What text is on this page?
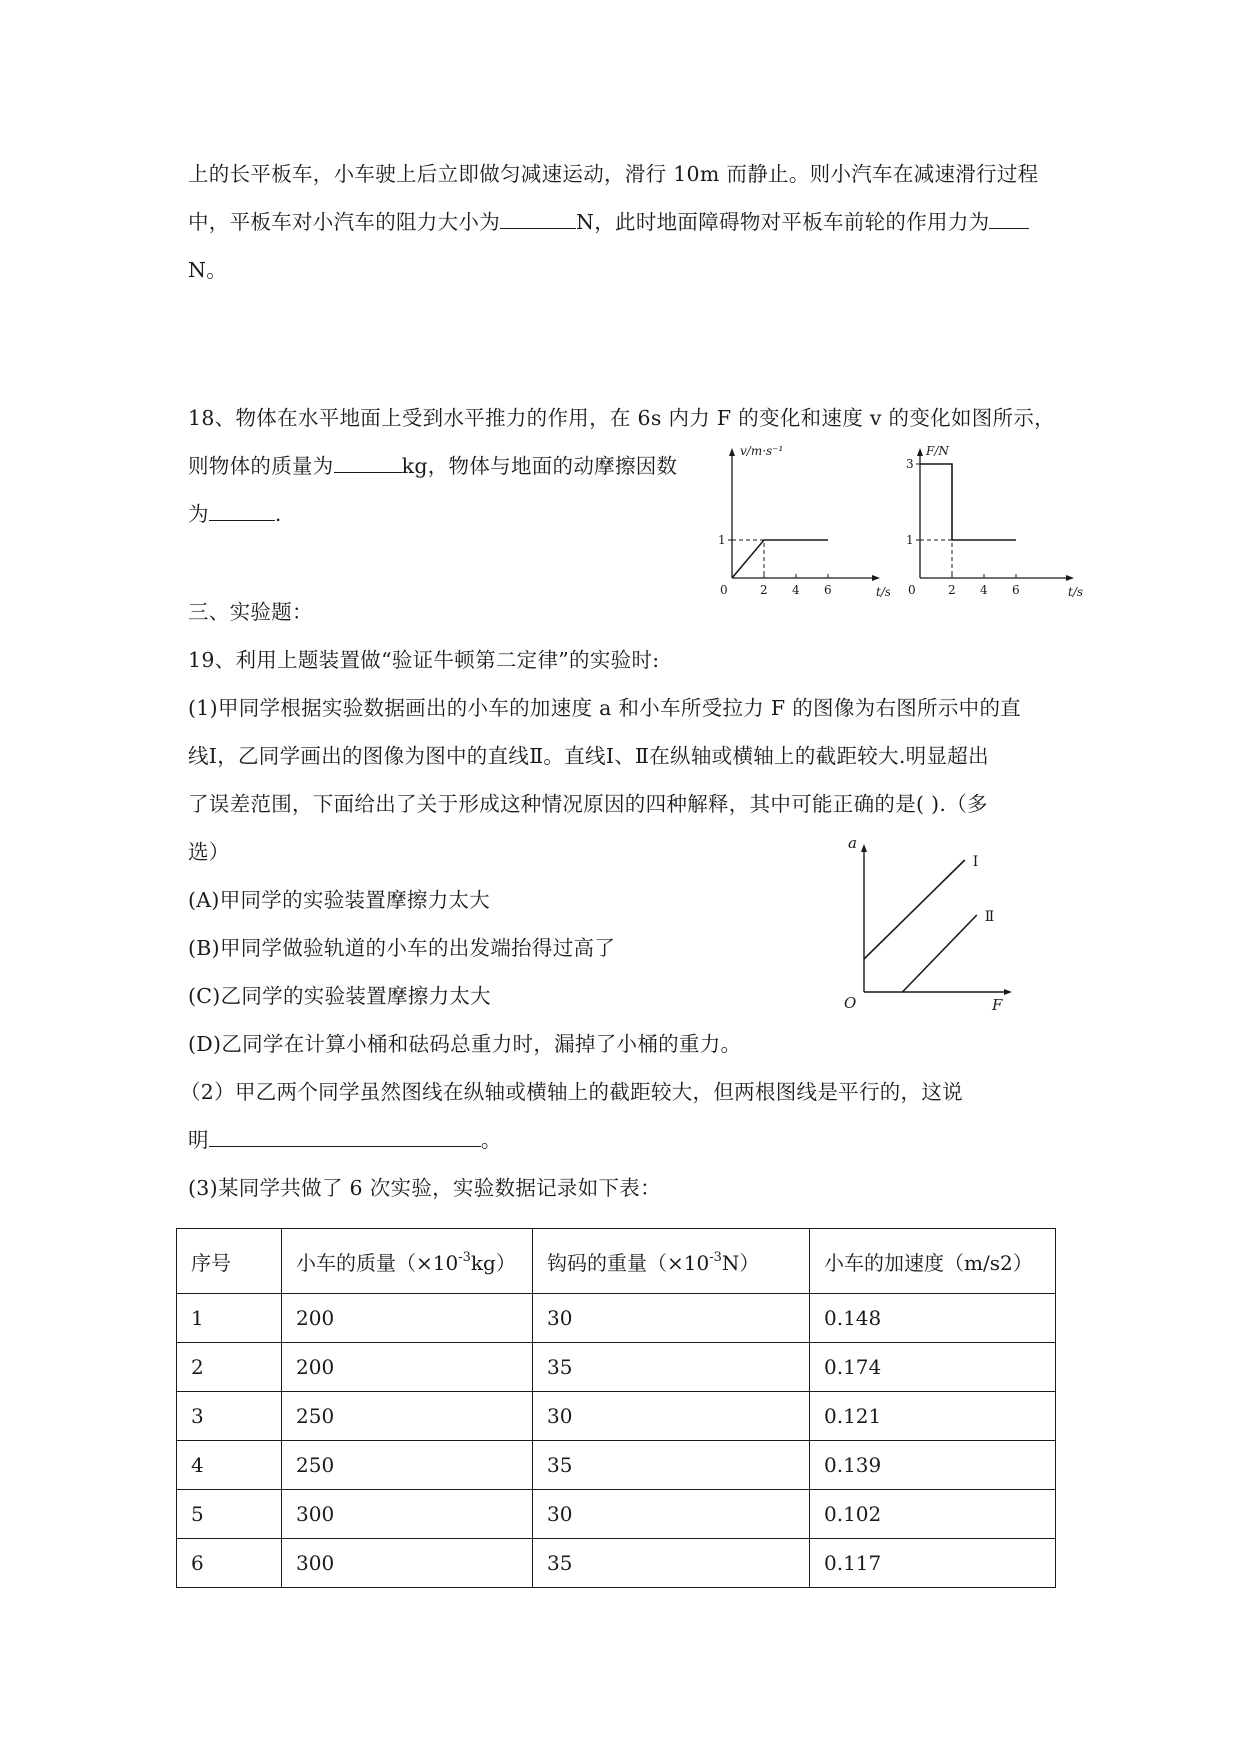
上的长平板车，小车驶上后立即做匀减速运动，滑行 10m 而静止。则小汽车在减速滑行过程
中，平板车对小汽车的阻力大小为	N，此时地面障碍物对平板车前轮的作用力为
N。
18、物体在水平地面上受到水平推力的作用，在 6s 内力 F 的变化和速度 v 的变化如图所示，
则物体的质量为	kg，物体与地面的动摩擦因数
为	.
v/m·s⁻¹
t/s
0	2 4 6
1
F/N
t/s
0	2 4 6
1
3
三、实验题：
19、利用上题装置做“验证牛顿第二定律”的实验时:
(1)甲同学根据实验数据画出的小车的加速度 a 和小车所受拉力 F 的图像为右图所示中的直
线Ⅰ，乙同学画出的图像为图中的直线Ⅱ。直线Ⅰ、Ⅱ在纵轴或横轴上的截距较大.明显超出
了误差范围，下面给出了关于形成这种情况原因的四种解释，其中可能正确的是( ).（多
选）
(A)甲同学的实验装置摩擦力太大
(B)甲同学做验轨道的小车的出发端抬得过高了
(C)乙同学的实验装置摩擦力太大
(D)乙同学在计算小桶和砝码总重力时，漏掉了小桶的重力。
（2）甲乙两个同学虽然图线在纵轴或横轴上的截距较大，但两根图线是平行的，这说
明	。
(3)某同学共做了 6 次实验，实验数据记录如下表：
a
F
O
Ⅰ
Ⅱ
序号	小车的质量$(\times 10^{-3}kg)$	钩码的重量$(\times 10^{-3}N)$	小车的加速度（m/s2）
1	200	30	0.148
2	200	35	0.174
3	250	30	0.121
4	250	35	0.139
5	300	30	0.102
6	300	35	0.117
